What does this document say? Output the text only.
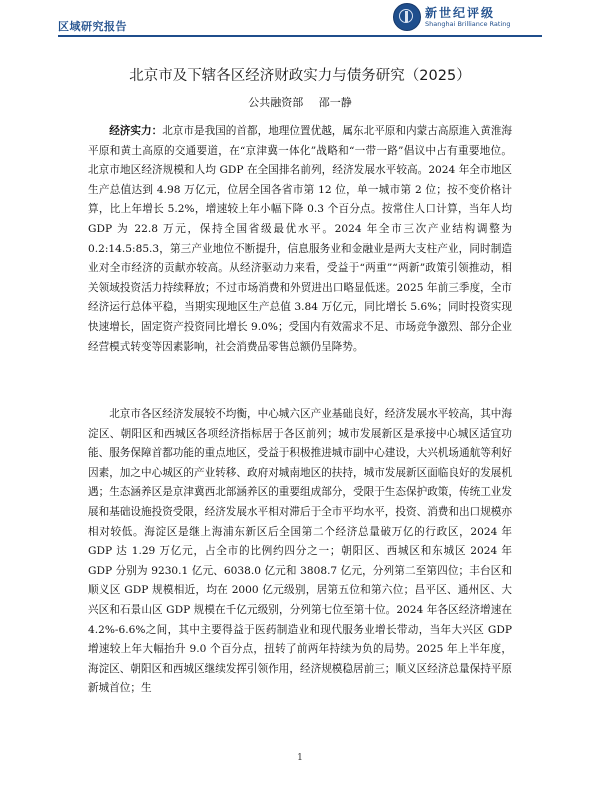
区域研究报告
新世纪评级
Shanghai Brilliance Rating
北京市及下辖各区经济财政实力与债务研究（2025）
公共融资部 邵一静

经济实力：北京市是我国的首都，地理位置优越，属东北平原和内蒙古高原進入黄淮海平原和黄土高原的交通要道，在“京津冀一体化”战略和“一带一路”倡议中占有重要地位。北京市地区经济规模和人均 GDP 在全国排名前列，经济发展水平较高。2024 年全市地区生产总值达到 4.98 万亿元，位居全国各省市第 12 位，单一城市第 2 位；按不变价格计算，比上年增长 5.2%，增速较上年小幅下降 0.3 个百分点。按常住人口计算，当年人均 GDP 为 22.8 万元，保持全国省级最优水平。2024 年全市三次产业结构调整为 0.2:14.5:85.3，第三产业地位不断提升，信息服务业和金融业是两大支柱产业，同时制造业对全市经济的贡献亦较高。从经济驱动力来看，受益于“两重”“两新”政策引领推动，相关领域投资活力持续释放；不过市场消费和外贸进出口略显低迷。2025 年前三季度，全市经济运行总体平稳，当期实现地区生产总值 3.84 万亿元，同比增长 5.6%；同时投资实现快速增长，固定资产投资同比增长 9.0%；受国内有效需求不足、市场竞争激烈、部分企业经营模式转变等因素影响，社会消费品零售总额仍呈降势。

北京市各区经济发展较不均衡，中心城六区产业基础良好，经济发展水平较高，其中海淀区、朝阳区和西城区各项经济指标居于各区前列；城市发展新区是承接中心城区适宜功能、服务保障首都功能的重点地区，受益于积极推进城市副中心建设，大兴机场通航等利好因素，加之中心城区的产业转移、政府对城南地区的扶持，城市发展新区面临良好的发展机遇；生态涵养区是京津冀西北部涵养区的重要组成部分，受限于生态保护政策，传统工业发展和基础设施投资受限，经济发展水平相对滞后于全市平均水平，投资、消费和出口规模亦相对较低。海淀区是继上海浦东新区后全国第二个经济总量破万亿的行政区，2024 年 GDP 达 1.29 万亿元，占全市的比例约四分之一；朝阳区、西城区和东城区 2024 年 GDP 分别为 9230.1 亿元、6038.0 亿元和 3808.7 亿元，分列第二至第四位；丰台区和顺义区 GDP 规模相近，均在 2000 亿元级别，居第五位和第六位；昌平区、通州区、大兴区和石景山区 GDP 规模在千亿元级别，分列第七位至第十位。2024 年各区经济增速在 4.2%-6.6%之间，其中主要得益于医药制造业和现代服务业增长带动，当年大兴区 GDP 增速较上年大幅抬升 9.0 个百分点，扭转了前两年持续为负的局势。2025 年上半年度，海淀区、朝阳区和西城区继续发挥引领作用，经济规模稳居前三；顺义区经济总量保持平原新城首位；生

1
